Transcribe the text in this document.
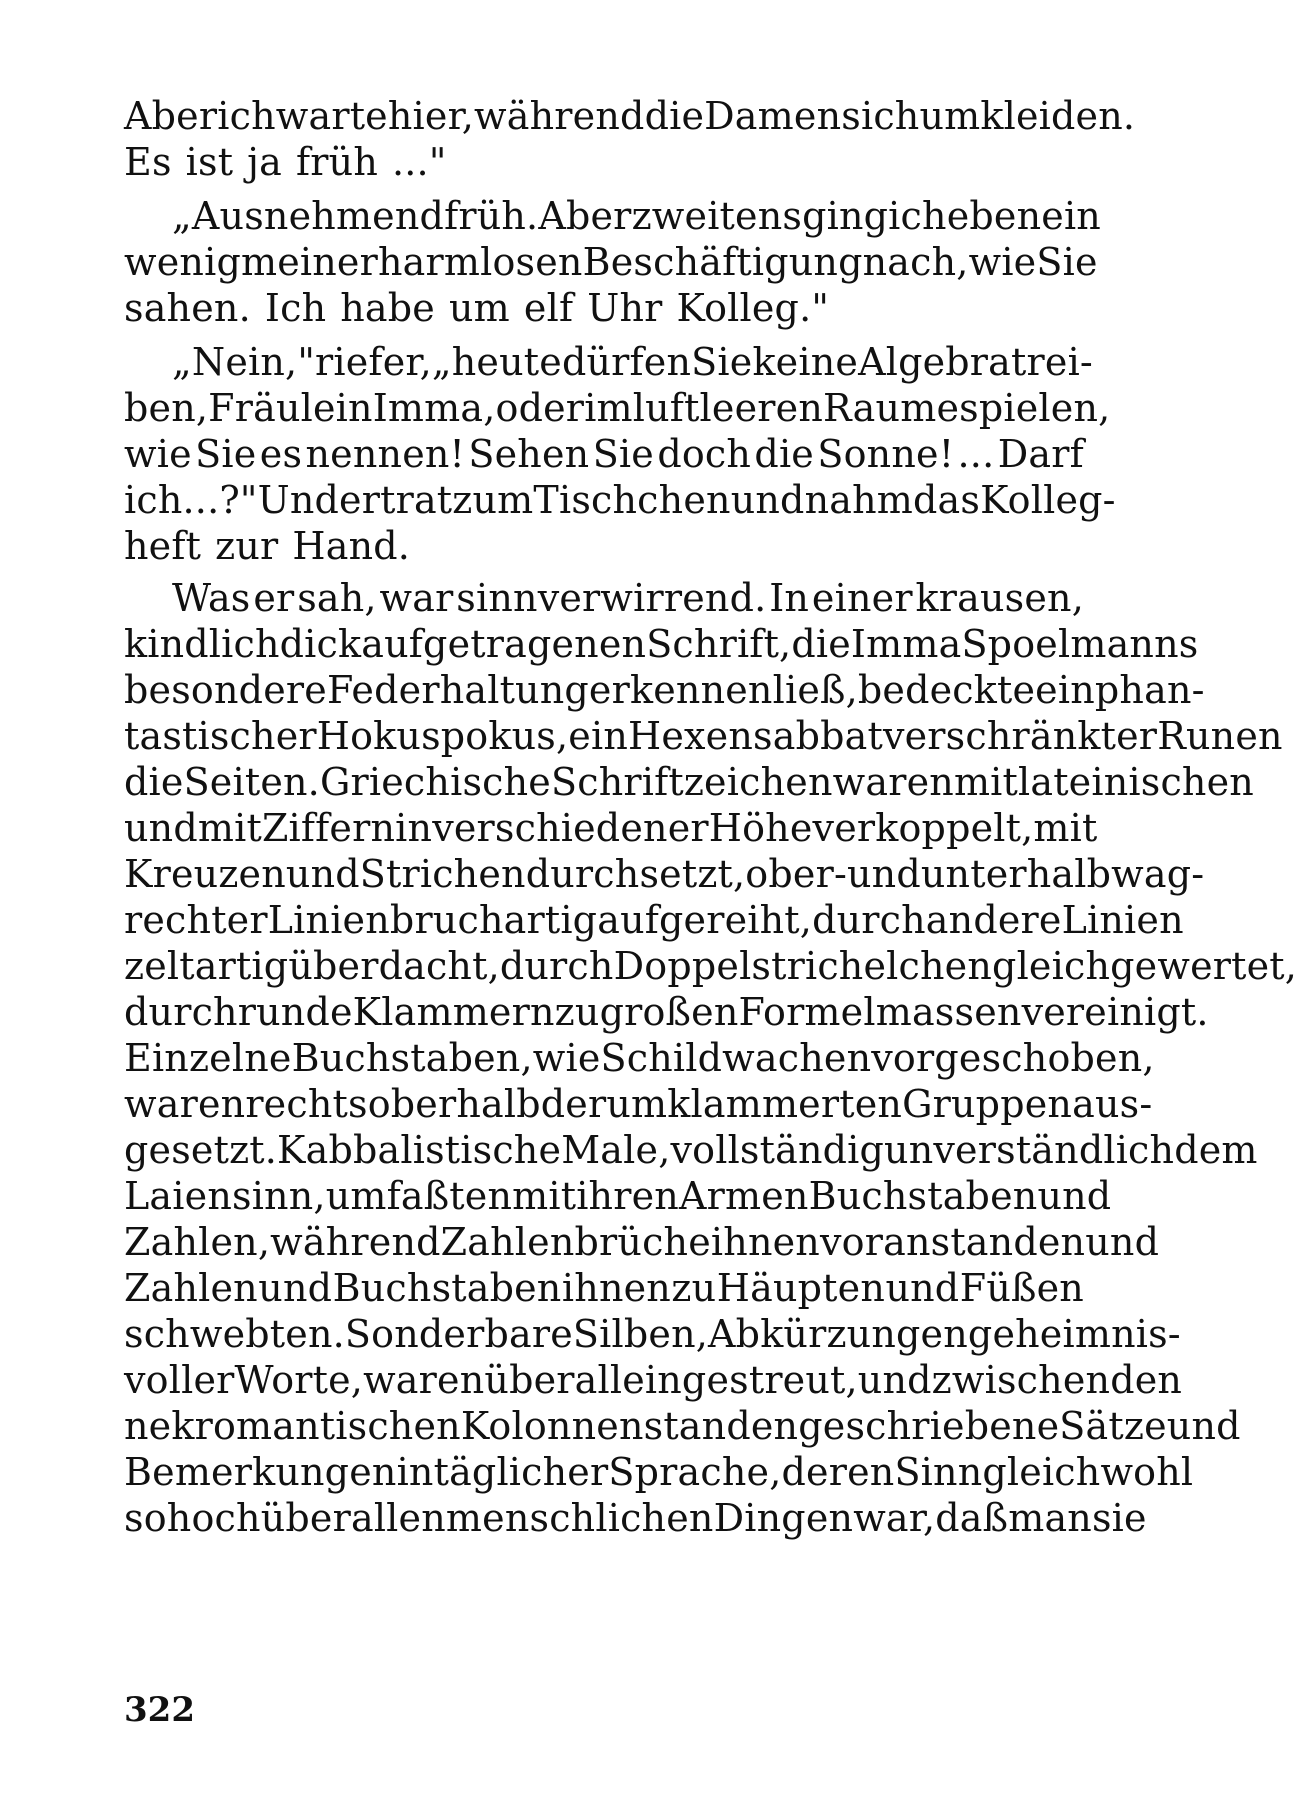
Aber ich warte hier, während die Damen sich umkleiden.
Es ist ja früh ..."
„Ausnehmend früh. Aber zweitens ging ich eben ein
wenig meiner harmlosen Beschäftigung nach, wie Sie
sahen. Ich habe um elf Uhr Kolleg."
„Nein," rief er, „heute dürfen Sie keine Algebra trei-
ben, Fräulein Imma, oder im luftleeren Raume spielen,
wie Sie es nennen! Sehen Sie doch die Sonne! ... Darf
ich ...?" Und er trat zum Tischchen und nahm das Kolleg-
heft zur Hand.
Was er sah, war sinnverwirrend. In einer krausen,
kindlich dick aufgetragenen Schrift, die Imma Spoelmanns
besondere Federhaltung erkennen ließ, bedeckte ein phan-
tastischer Hokuspokus, ein Hexensabbat verschränkter Runen
die Seiten. Griechische Schriftzeichen waren mit lateinischen
und mit Ziffern in verschiedener Höhe verkoppelt, mit
Kreuzen und Strichen durchsetzt, ober- und unterhalb wag-
rechter Linien bruchartig aufgereiht, durch andere Linien
zeltartig überdacht, durch Doppelstrichelchen gleichgewertet,
durch runde Klammern zu großen Formelmassen vereinigt.
Einzelne Buchstaben, wie Schildwachen vorgeschoben,
waren rechts oberhalb der umklammerten Gruppen aus-
gesetzt. Kabbalistische Male, vollständig unverständlich dem
Laiensinn, umfaßten mit ihren Armen Buchstaben und
Zahlen, während Zahlenbrüche ihnen voranstanden und
Zahlen und Buchstaben ihnen zu Häupten und Füßen
schwebten. Sonderbare Silben, Abkürzungen geheimnis-
voller Worte, waren überall eingestreut, und zwischen den
nekromantischen Kolonnen standen geschriebene Sätze und
Bemerkungen in täglicher Sprache, deren Sinn gleichwohl
so hoch über allen menschlichen Dingen war, daß man sie
322
